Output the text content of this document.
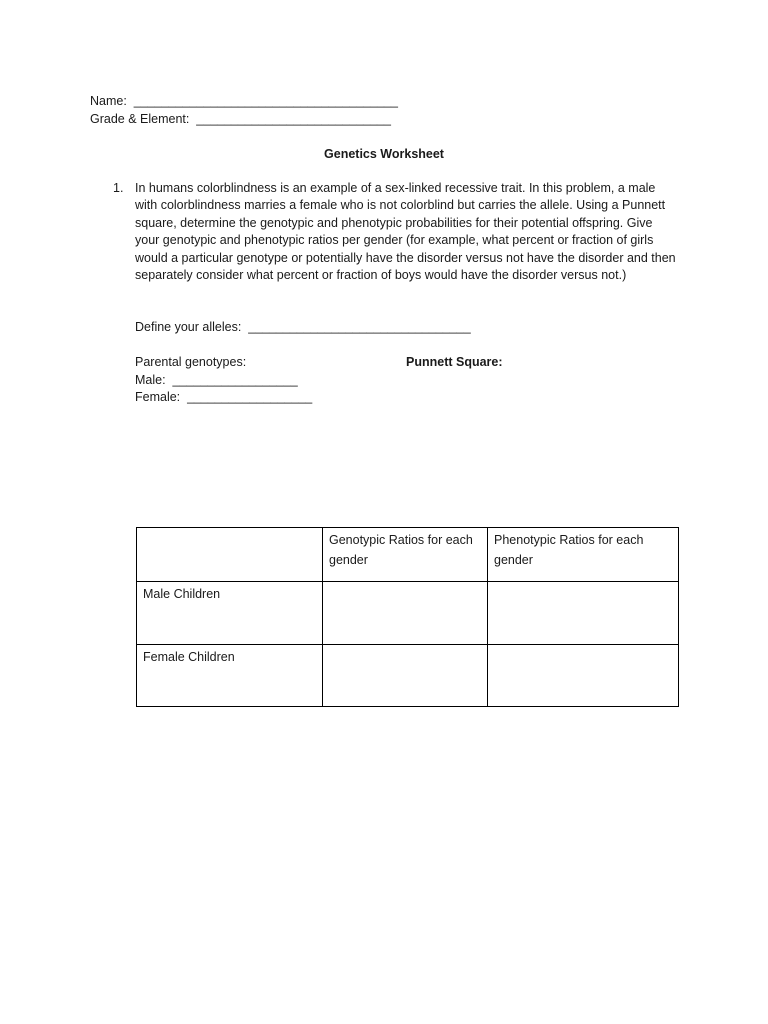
Name:  ______________________________________
Grade & Element:  ____________________________
Genetics Worksheet
1. In humans colorblindness is an example of a sex-linked recessive trait. In this problem, a male with colorblindness marries a female who is not colorblind but carries the allele. Using a Punnett square, determine the genotypic and phenotypic probabilities for their potential offspring. Give your genotypic and phenotypic ratios per gender (for example, what percent or fraction of girls would a particular genotype or potentially have the disorder versus not have the disorder and then separately consider what percent or fraction of boys would have the disorder versus not.)
Define your alleles:  ________________________________
Parental genotypes:	Punnett Square:
Male:  __________________
Female:  __________________
	Genotypic Ratios for each gender	Phenotypic Ratios for each gender
Male Children		
Female Children		
